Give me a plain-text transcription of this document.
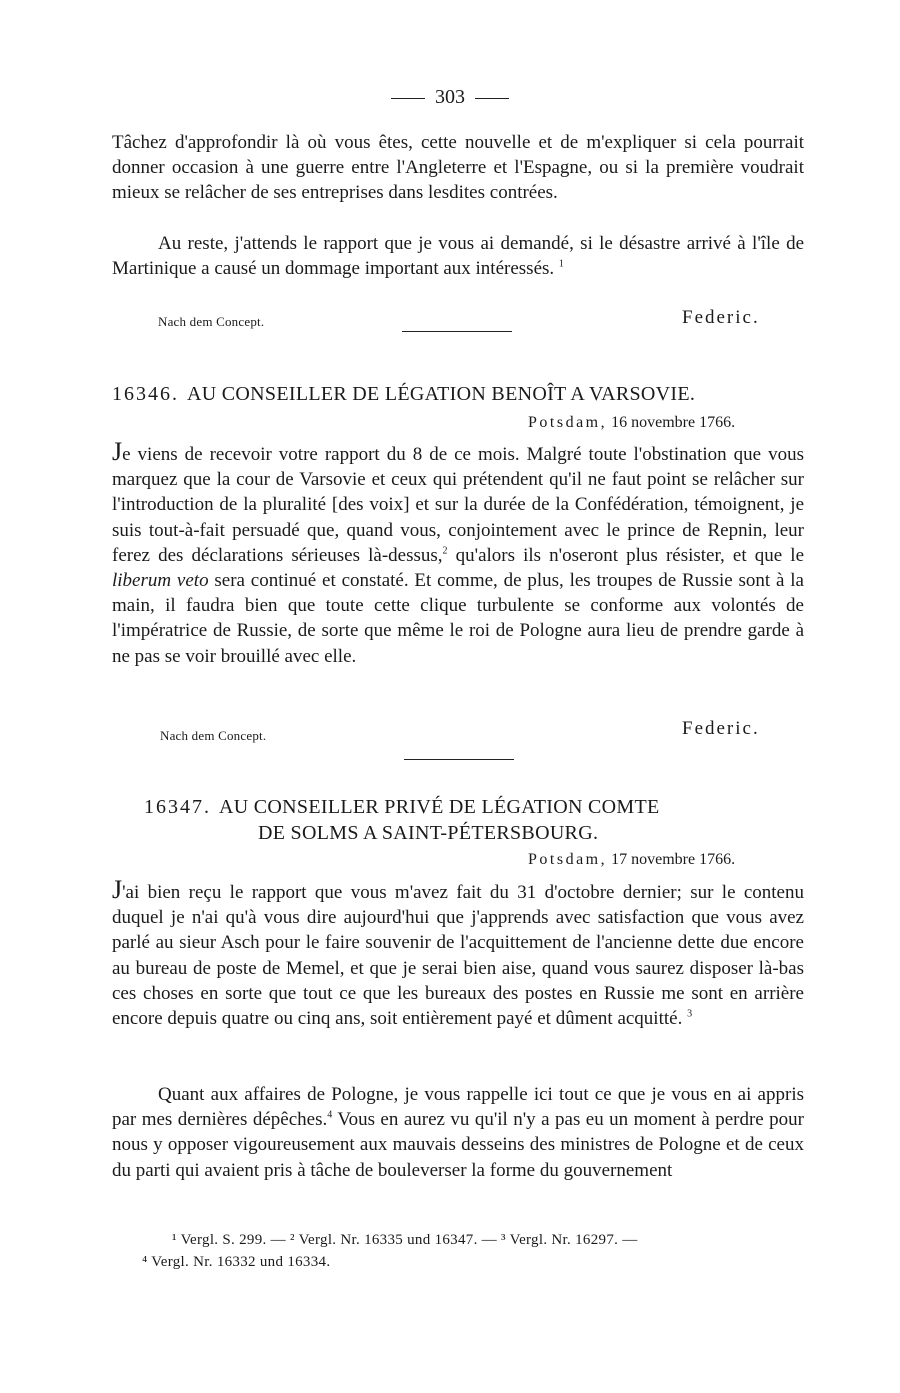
303
Tâchez d'approfondir là où vous êtes, cette nouvelle et de m'expliquer si cela pourrait donner occasion à une guerre entre l'Angleterre et l'Espagne, ou si la première voudrait mieux se relâcher de ses entreprises dans lesdites contrées.
Au reste, j'attends le rapport que je vous ai demandé, si le désastre arrivé à l'île de Martinique a causé un dommage important aux intéressés. $^1$
Nach dem Concept.	Federic.
16346. AU CONSEILLER DE LÉGATION BENOÎT A VARSOVIE.
Potsdam, 16 novembre 1766.
Je viens de recevoir votre rapport du 8 de ce mois. Malgré toute l'obstination que vous marquez que la cour de Varsovie et ceux qui prétendent qu'il ne faut point se relâcher sur l'introduction de la pluralité [des voix] et sur la durée de la Confédération, témoignent, je suis tout-à-fait persuadé que, quand vous, conjointement avec le prince de Repnin, leur ferez des déclarations sérieuses là-dessus,$^2$ qu'alors ils n'oseront plus résister, et que le liberum veto sera continué et constaté. Et comme, de plus, les troupes de Russie sont à la main, il faudra bien que toute cette clique turbulente se conforme aux volontés de l'impératrice de Russie, de sorte que même le roi de Pologne aura lieu de prendre garde à ne pas se voir brouillé avec elle.
Nach dem Concept.	Federic.
16347. AU CONSEILLER PRIVÉ DE LÉGATION COMTE
DE SOLMS A SAINT-PÉTERSBOURG.
Potsdam, 17 novembre 1766.
J'ai bien reçu le rapport que vous m'avez fait du 31 d'octobre dernier; sur le contenu duquel je n'ai qu'à vous dire aujourd'hui que j'apprends avec satisfaction que vous avez parlé au sieur Asch pour le faire souvenir de l'acquittement de l'ancienne dette due encore au bureau de poste de Memel, et que je serai bien aise, quand vous saurez disposer là-bas ces choses en sorte que tout ce que les bureaux des postes en Russie me sont en arrière encore depuis quatre ou cinq ans, soit entièrement payé et dûment acquitté. $^3$
Quant aux affaires de Pologne, je vous rappelle ici tout ce que je vous en ai appris par mes dernières dépêches.$^4$ Vous en aurez vu qu'il n'y a pas eu un moment à perdre pour nous y opposer vigoureusement aux mauvais desseins des ministres de Pologne et de ceux du parti qui avaient pris à tâche de bouleverser la forme du gouvernement
¹ Vergl. S. 299. — ² Vergl. Nr. 16335 und 16347. — ³ Vergl. Nr. 16297. —
⁴ Vergl. Nr. 16332 und 16334.
